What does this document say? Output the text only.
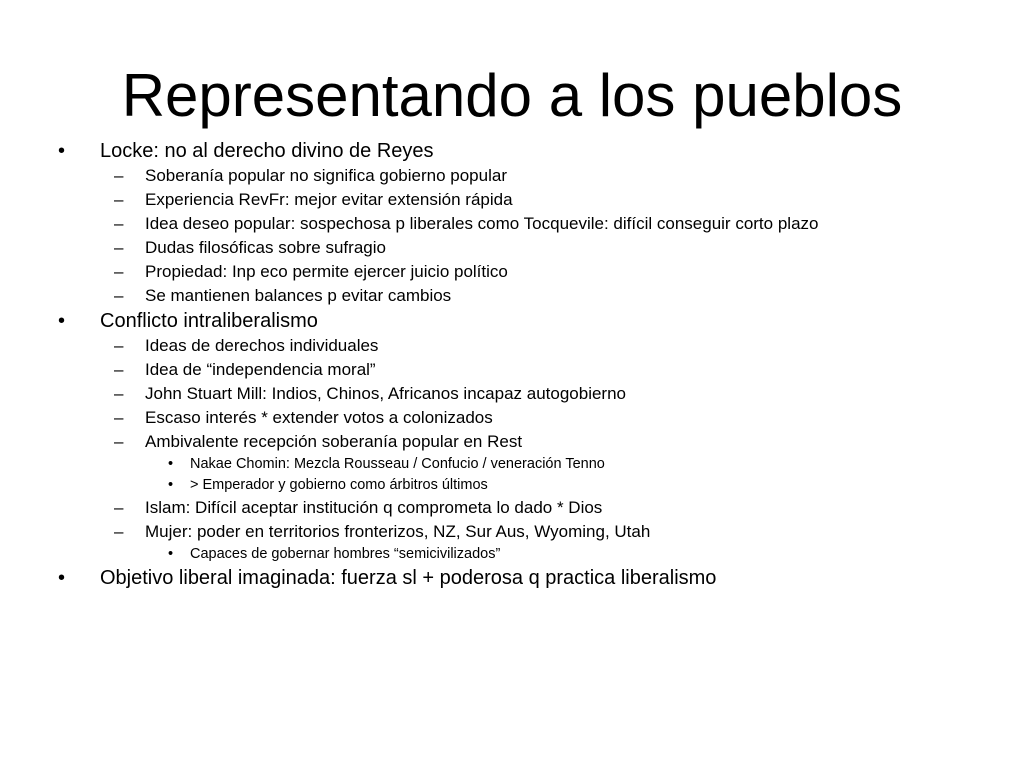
Representando a los pueblos
• Locke: no al derecho divino de Reyes
– Soberanía popular no significa gobierno popular
– Experiencia RevFr: mejor evitar extensión rápida
– Idea deseo popular: sospechosa p liberales como Tocquevile: difícil conseguir corto plazo
– Dudas filosóficas sobre sufragio
– Propiedad: Inp eco permite ejercer juicio político
– Se mantienen balances p evitar cambios
• Conflicto intraliberalismo
– Ideas de derechos individuales
– Idea de “independencia moral”
– John Stuart Mill: Indios, Chinos, Africanos incapaz autogobierno
– Escaso interés * extender votos a colonizados
– Ambivalente recepción soberanía popular en Rest
• Nakae Chomin: Mezcla Rousseau / Confucio / veneración Tenno
• > Emperador y gobierno como árbitros últimos
– Islam: Difícil aceptar institución q comprometa lo dado * Dios
– Mujer: poder en territorios fronterizos, NZ, Sur Aus, Wyoming, Utah
• Capaces de gobernar hombres “semicivilizados”
• Objetivo liberal imaginada: fuerza sl + poderosa q practica liberalismo
